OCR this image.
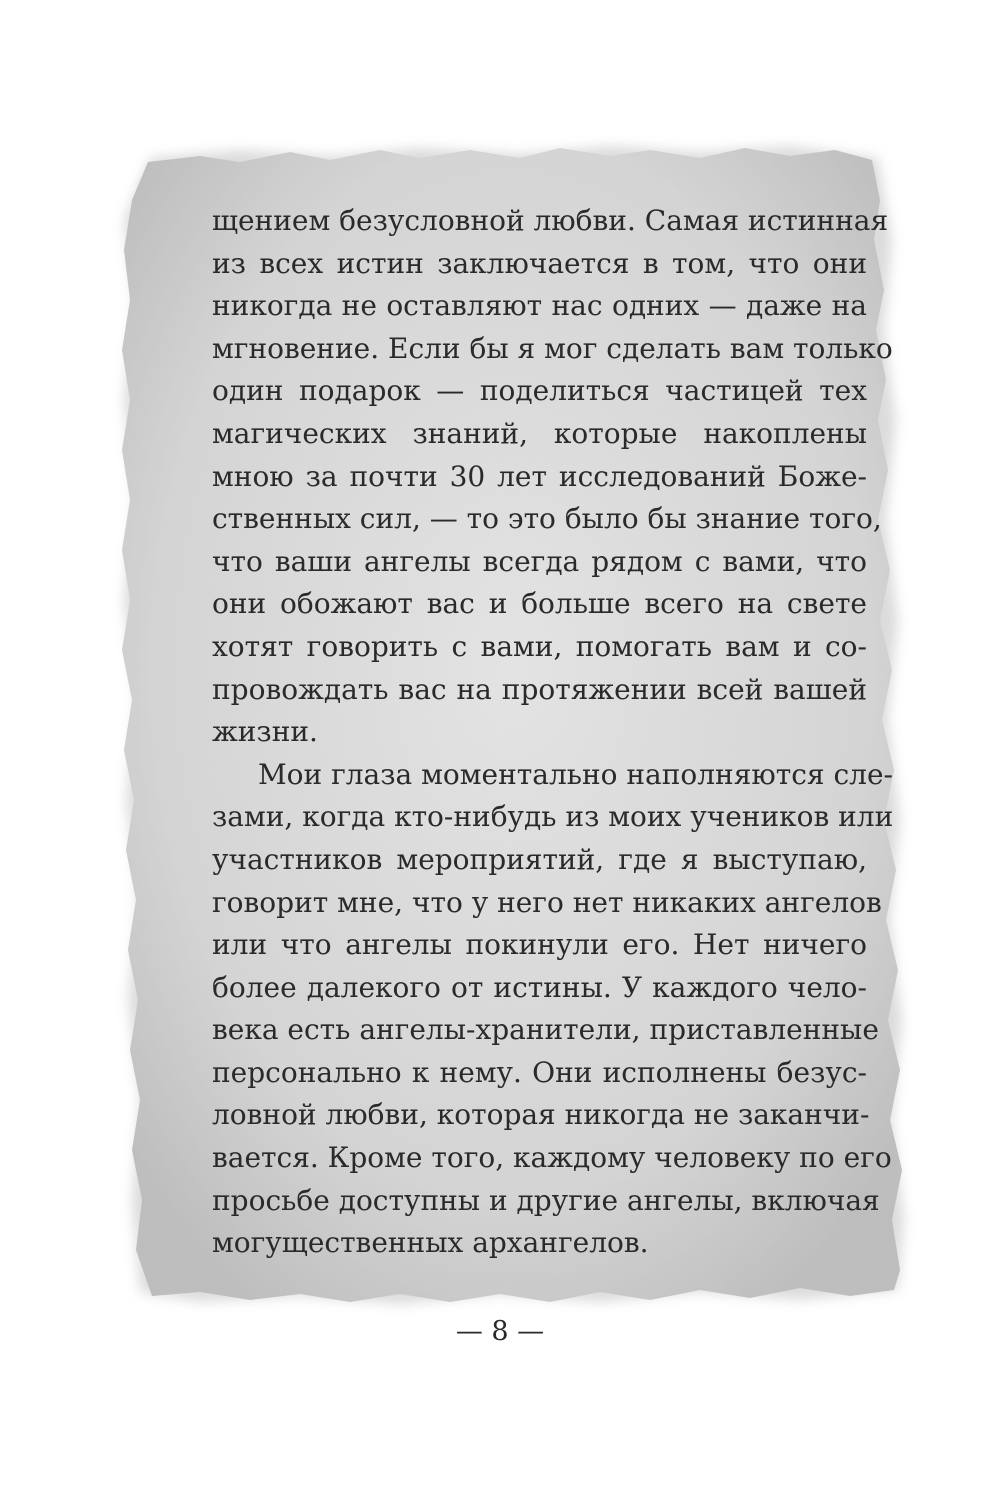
щением безусловной любви. Самая истинная
из всех истин заключается в том, что они
никогда не оставляют нас одних — даже на
мгновение. Если бы я мог сделать вам только
один подарок — поделиться частицей тех
магических знаний, которые накоплены
мною за почти 30 лет исследований Боже-
ственных сил, — то это было бы знание того,
что ваши ангелы всегда рядом с вами, что
они обожают вас и больше всего на свете
хотят говорить с вами, помогать вам и со-
провождать вас на протяжении всей вашей
жизни.
Мои глаза моментально наполняются сле-
зами, когда кто-нибудь из моих учеников или
участников мероприятий, где я выступаю,
говорит мне, что у него нет никаких ангелов
или что ангелы покинули его. Нет ничего
более далекого от истины. У каждого чело-
века есть ангелы-хранители, приставленные
персонально к нему. Они исполнены безус-
ловной любви, которая никогда не заканчи-
вается. Кроме того, каждому человеку по его
просьбе доступны и другие ангелы, включая
могущественных архангелов.
— 8 —
